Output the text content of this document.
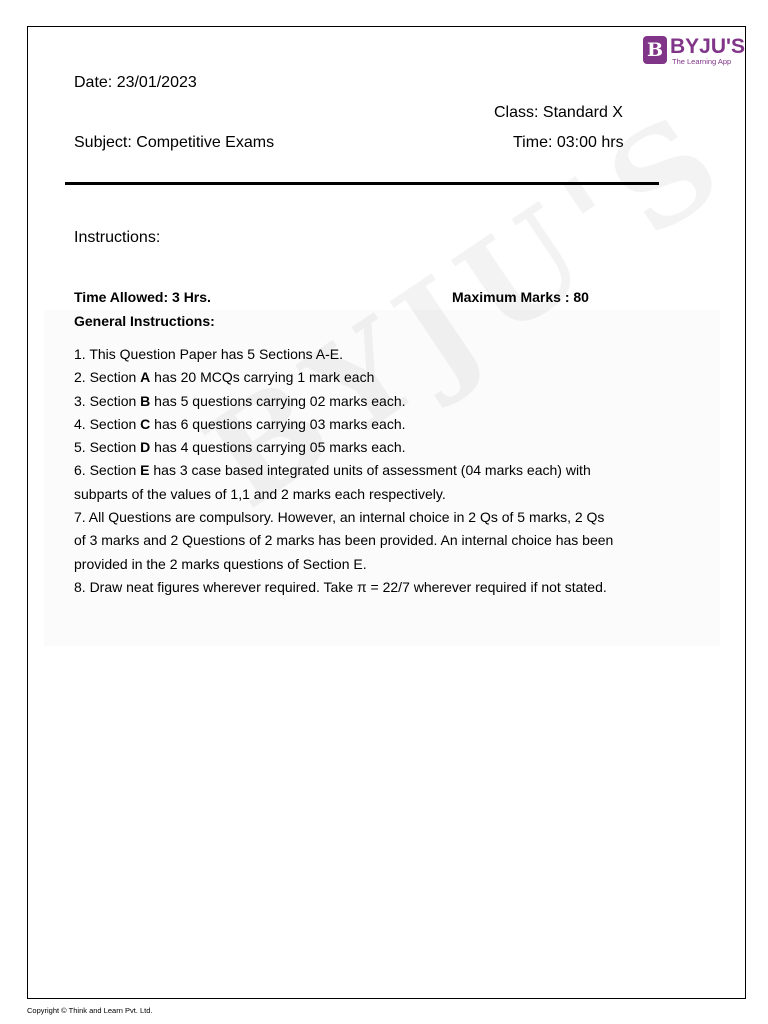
B BYJU'S
The Learning App
Date: 23/01/2023
Class: Standard X
Subject: Competitive Exams	Time: 03:00 hrs
Instructions:
Time Allowed: 3 Hrs.	Maximum Marks : 80
General Instructions:
1. This Question Paper has 5 Sections A-E.
2. Section A has 20 MCQs carrying 1 mark each
3. Section B has 5 questions carrying 02 marks each.
4. Section C has 6 questions carrying 03 marks each.
5. Section D has 4 questions carrying 05 marks each.
6. Section E has 3 case based integrated units of assessment (04 marks each) with
subparts of the values of 1,1 and 2 marks each respectively.
7. All Questions are compulsory. However, an internal choice in 2 Qs of 5 marks, 2 Qs
of 3 marks and 2 Questions of 2 marks has been provided. An internal choice has been
provided in the 2 marks questions of Section E.
8. Draw neat figures wherever required. Take π = 22/7 wherever required if not stated.
Copyright © Think and Learn Pvt. Ltd.
